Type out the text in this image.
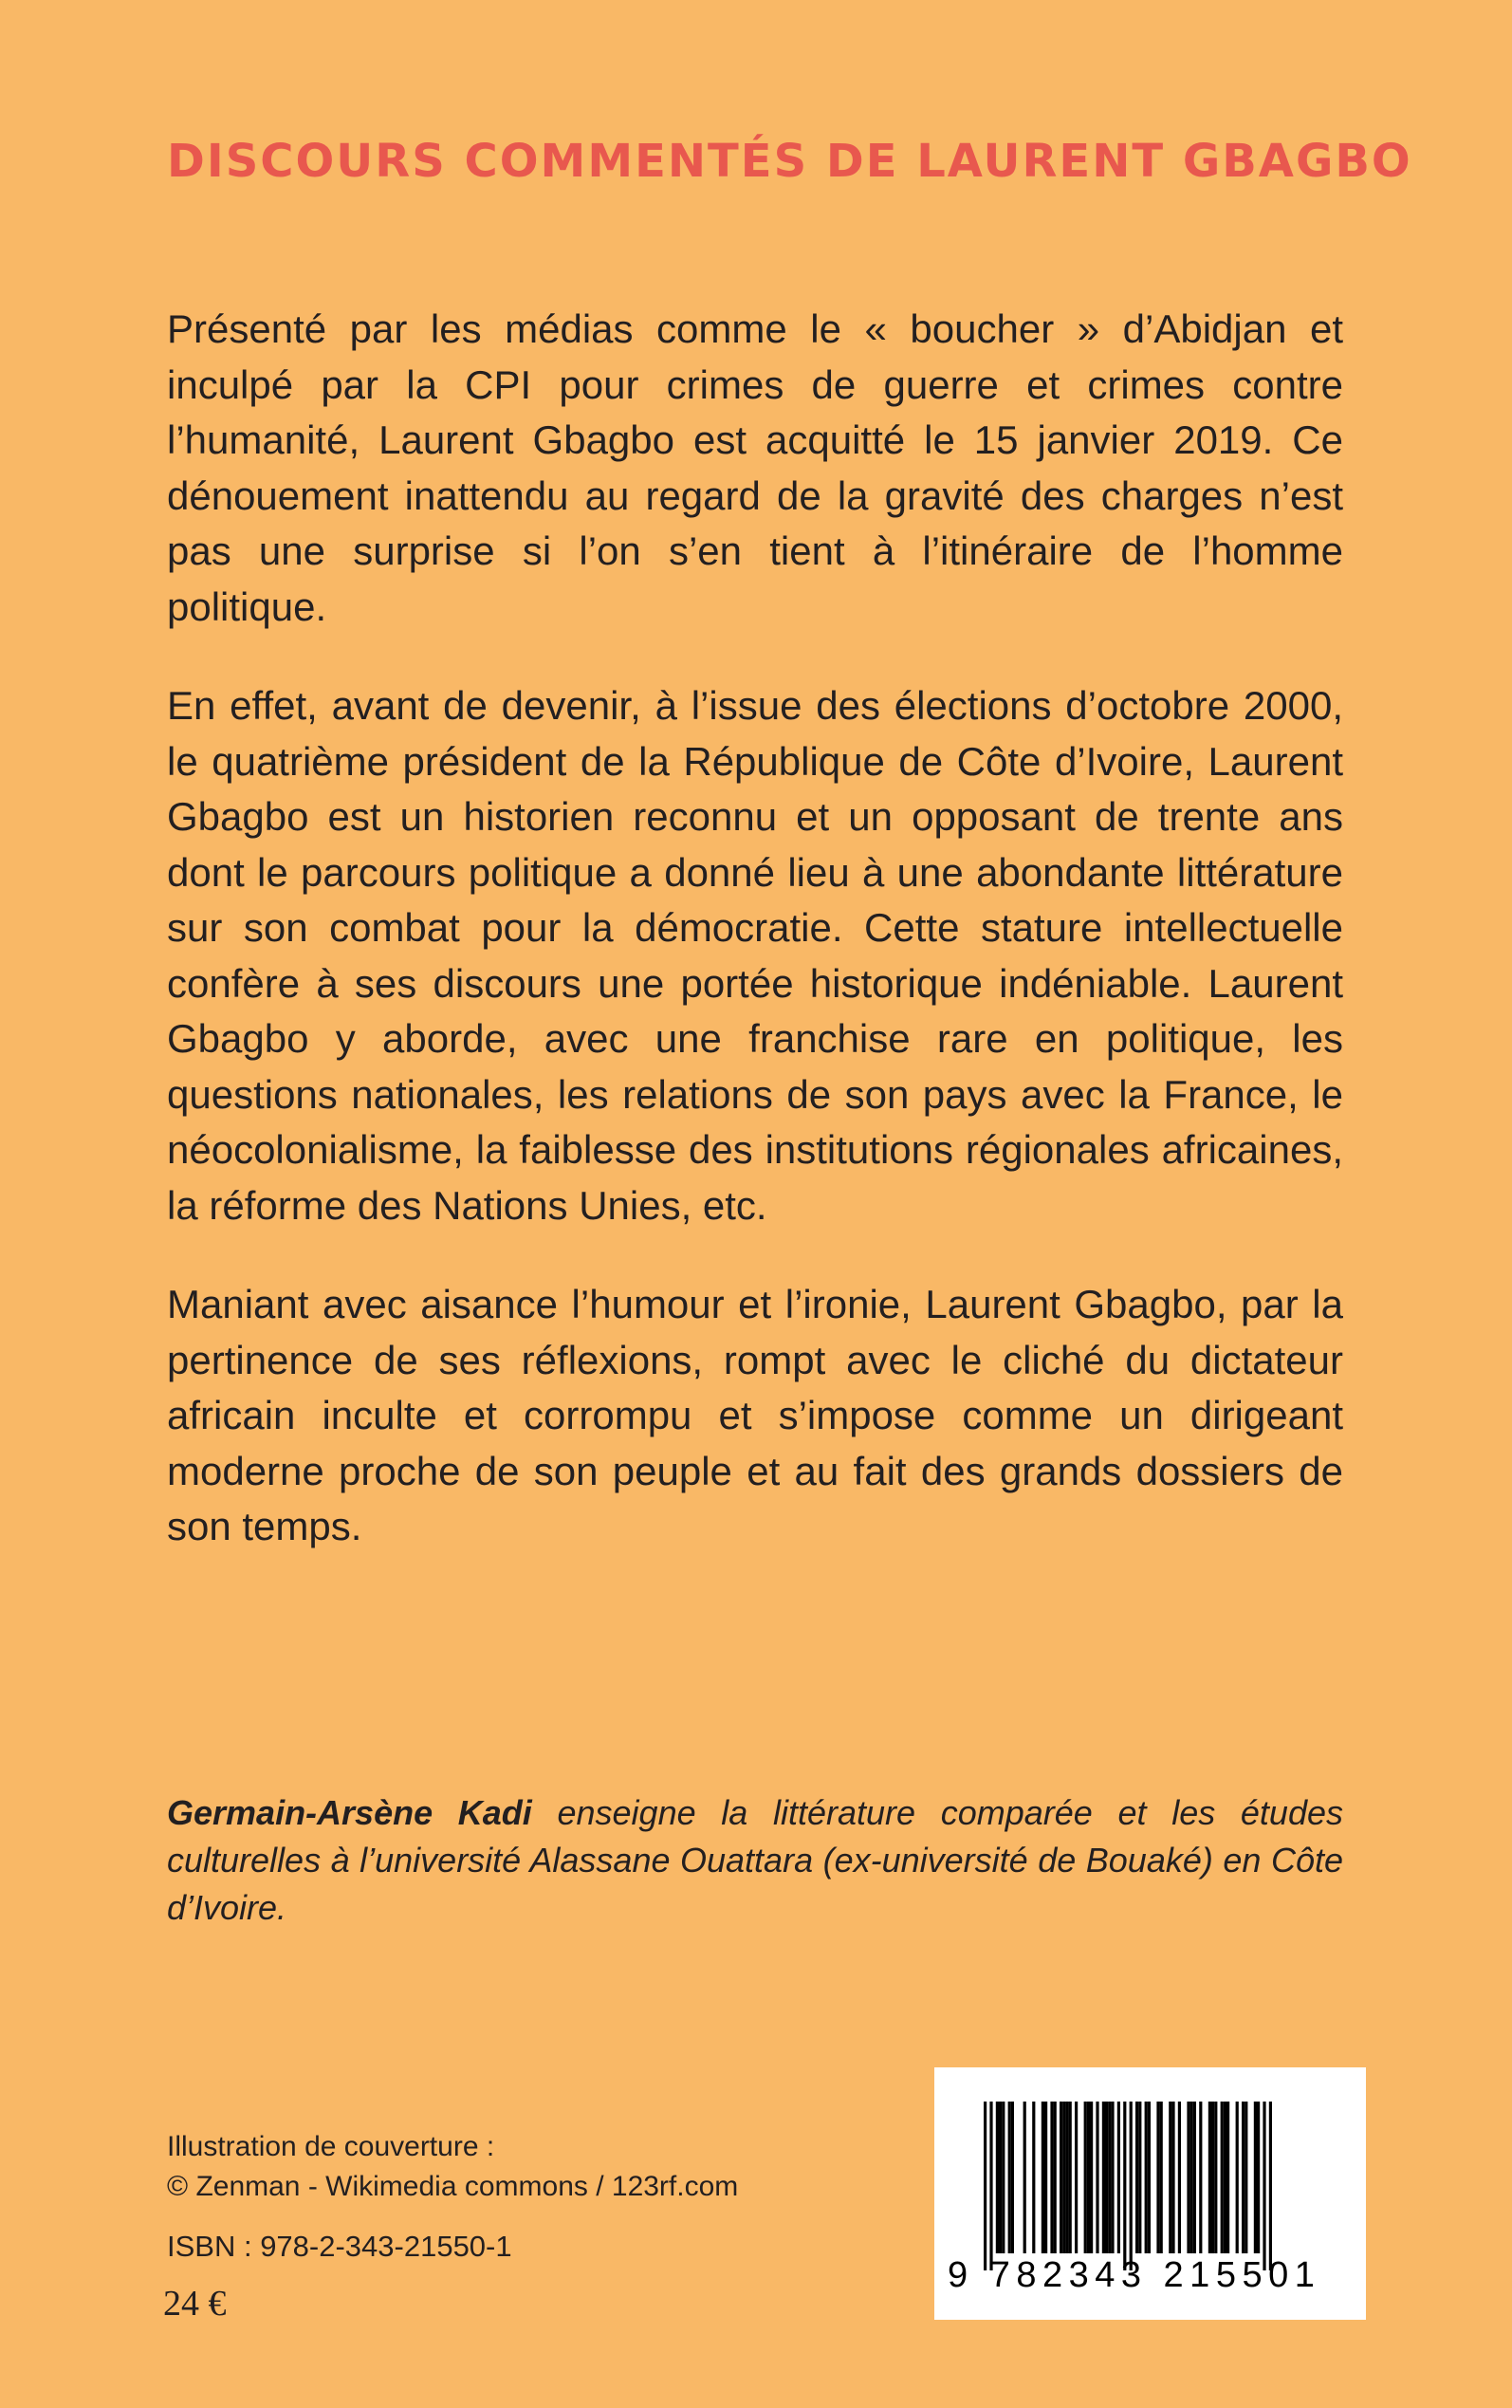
DISCOURS COMMENTÉS DE LAURENT GBAGBO

Présenté par les médias comme le « boucher » d’Abidjan et inculpé par la CPI pour crimes de guerre et crimes contre l’humanité, Laurent Gbagbo est acquitté le 15 janvier 2019. Ce dénouement inattendu au regard de la gravité des charges n’est pas une surprise si l’on s’en tient à l’itinéraire de l’homme politique.

En effet, avant de devenir, à l’issue des élections d’octobre 2000, le quatrième président de la République de Côte d’Ivoire, Laurent Gbagbo est un historien reconnu et un opposant de trente ans dont le parcours politique a donné lieu à une abondante littérature sur son combat pour la démocratie. Cette stature intellectuelle confère à ses discours une portée historique indéniable. Laurent Gbagbo y aborde, avec une franchise rare en politique, les questions nationales, les relations de son pays avec la France, le néocolonialisme, la faiblesse des institutions régionales africaines, la réforme des Nations Unies, etc.

Maniant avec aisance l’humour et l’ironie, Laurent Gbagbo, par la pertinence de ses réflexions, rompt avec le cliché du dictateur africain inculte et corrompu et s’impose comme un dirigeant moderne proche de son peuple et au fait des grands dossiers de son temps.

Germain-Arsène Kadi enseigne la littérature comparée et les études culturelles à l’université Alassane Ouattara (ex-université de Bouaké) en Côte d’Ivoire.

Illustration de couverture :
© Zenman - Wikimedia commons / 123rf.com
ISBN : 978-2-343-21550-1
24 €
9 782343 215501
